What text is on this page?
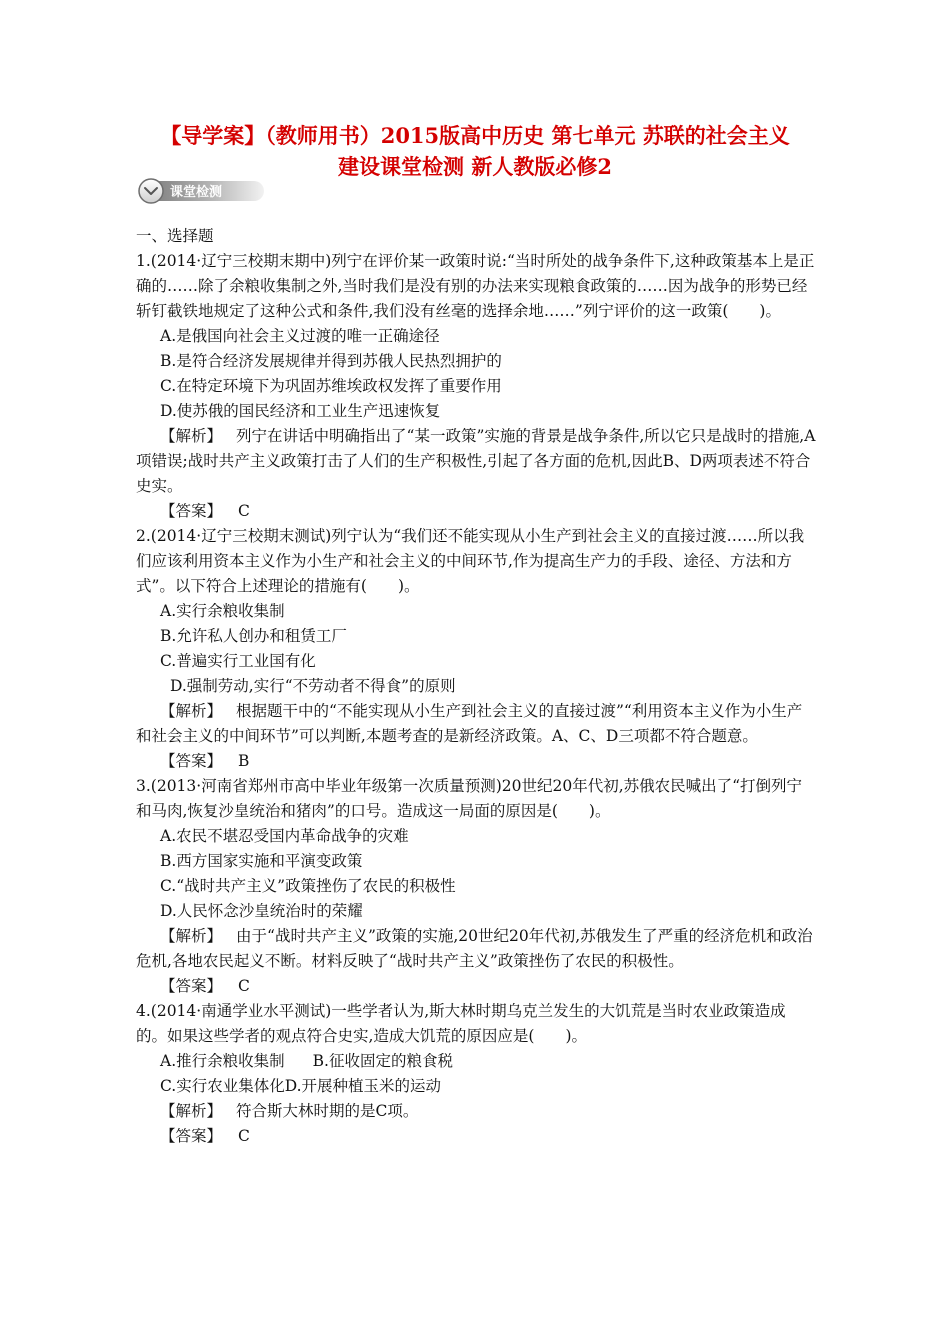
【导学案】（教师用书）2015版高中历史 第七单元 苏联的社会主义
建设课堂检测 新人教版必修2
课堂检测

一、选择题

1.(2014·辽宁三校期末期中)列宁在评价某一政策时说:“当时所处的战争条件下,这种政策基本上是正确的……除了余粮收集制之外,当时我们是没有别的办法来实现粮食政策的……因为战争的形势已经斩钉截铁地规定了这种公式和条件,我们没有丝毫的选择余地……”列宁评价的这一政策(　　)。

A.是俄国向社会主义过渡的唯一正确途径

B.是符合经济发展规律并得到苏俄人民热烈拥护的

C.在特定环境下为巩固苏维埃政权发挥了重要作用

D.使苏俄的国民经济和工业生产迅速恢复

【解析】 列宁在讲话中明确指出了“某一政策”实施的背景是战争条件,所以它只是战时的措施,A项错误;战时共产主义政策打击了人们的生产积极性,引起了各方面的危机,因此B、D两项表述不符合史实。

【答案】 C

2.(2014·辽宁三校期末测试)列宁认为“我们还不能实现从小生产到社会主义的直接过渡……所以我们应该利用资本主义作为小生产和社会主义的中间环节,作为提高生产力的手段、途径、方法和方式”。以下符合上述理论的措施有(　　)。

A.实行余粮收集制

B.允许私人创办和租赁工厂

C.普遍实行工业国有化

D.强制劳动,实行“不劳动者不得食”的原则

【解析】 根据题干中的“不能实现从小生产到社会主义的直接过渡”“利用资本主义作为小生产和社会主义的中间环节”可以判断,本题考查的是新经济政策。A、C、D三项都不符合题意。

【答案】 B

3.(2013·河南省郑州市高中毕业年级第一次质量预测)20世纪20年代初,苏俄农民喊出了“打倒列宁和马肉,恢复沙皇统治和猪肉”的口号。造成这一局面的原因是(　　)。

A.农民不堪忍受国内革命战争的灾难

B.西方国家实施和平演变政策

C.“战时共产主义”政策挫伤了农民的积极性

D.人民怀念沙皇统治时的荣耀

【解析】 由于“战时共产主义”政策的实施,20世纪20年代初,苏俄发生了严重的经济危机和政治危机,各地农民起义不断。材料反映了“战时共产主义”政策挫伤了农民的积极性。

【答案】 C

4.(2014·南通学业水平测试)一些学者认为,斯大林时期乌克兰发生的大饥荒是当时农业政策造成的。如果这些学者的观点符合史实,造成大饥荒的原因应是(　　)。

A.推行余粮收集制 B.征收固定的粮食税

C.实行农业集体化D.开展种植玉米的运动

【解析】 符合斯大林时期的是C项。

【答案】 C
